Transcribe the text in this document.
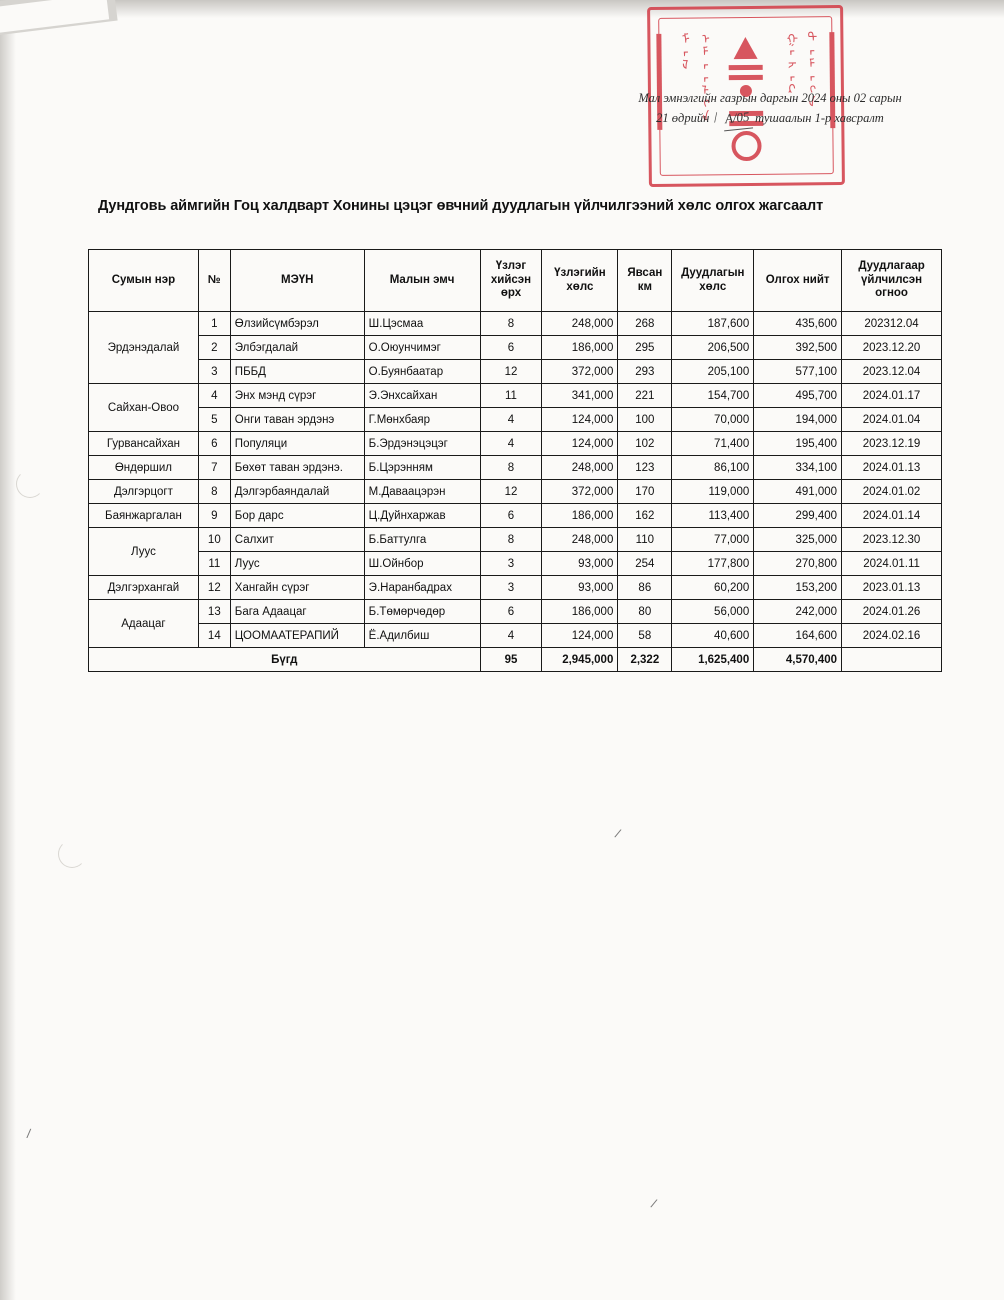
ᠮᠠᠯ ᠡᠮᠨᠡᠯᠭᠡ	ᠭᠠᠵᠠᠷ ᠲᠠᠮᠠᠭᠠ
Мал эмнэлгийн газрын даргын 2024 оны 02 сарын
21 өдрийн / А/05 тушаалын 1-р хавсралт
Дундговь аймгийн Гоц халдварт Хонины цэцэг өвчний дуудлагын үйлчилгээний хөлс олгох жагсаалт
Сумын нэр	№	МЭҮН	Малын эмч	Үзлэг хийсэн өрх	Үзлэгийн хөлс	Явсан км	Дуудлагын хөлс	Олгох нийт	Дуудлагаар үйлчилсэн огноо
Эрдэнэдалай	1	Өлзийсүмбэрэл	Ш.Цэсмаа	8	248,000	268	187,600	435,600	202312.04
	2	Элбэгдалай	О.Оюунчимэг	6	186,000	295	206,500	392,500	2023.12.20
	3	ПББД	О.Буянбаатар	12	372,000	293	205,100	577,100	2023.12.04
Сайхан-Овоо	4	Энх мэнд сүрэг	Э.Энхсайхан	11	341,000	221	154,700	495,700	2024.01.17
	5	Онги таван эрдэнэ	Г.Мөнхбаяр	4	124,000	100	70,000	194,000	2024.01.04
Гурвансайхан	6	Популяци	Б.Эрдэнэцэцэг	4	124,000	102	71,400	195,400	2023.12.19
Өндөршил	7	Бөхөт таван эрдэнэ.	Б.Цэрэнням	8	248,000	123	86,100	334,100	2024.01.13
Дэлгэрцогт	8	Дэлгэрбаяндалай	М.Даваацэрэн	12	372,000	170	119,000	491,000	2024.01.02
Баянжаргалан	9	Бор дарс	Ц.Дуйнхаржав	6	186,000	162	113,400	299,400	2024.01.14
Луус	10	Салхит	Б.Баттулга	8	248,000	110	77,000	325,000	2023.12.30
	11	Луус	Ш.Ойнбор	3	93,000	254	177,800	270,800	2024.01.11
Дэлгэрхангай	12	Хангайн сүрэг	Э.Наранбадрах	3	93,000	86	60,200	153,200	2023.01.13
Адаацаг	13	Бага Адаацаг	Б.Төмөрчөдөр	6	186,000	80	56,000	242,000	2024.01.26
	14	ЦООМААТЕРАПИЙ	Ё.Адилбиш	4	124,000	58	40,600	164,600	2024.02.16
Бүгд				95	2,945,000	2,322	1,625,400	4,570,400	
/
/
/
